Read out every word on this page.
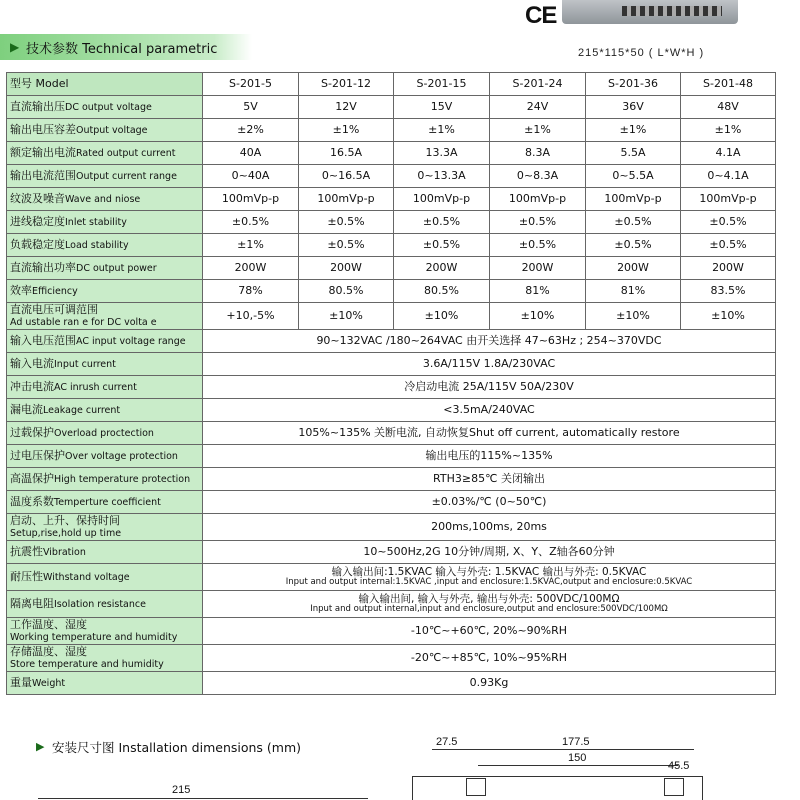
CE
▶ 技术参数 Technical parametric	215*115*50 ( L*W*H )
型号 Model	S-201-5	S-201-12	S-201-15	S-201-24	S-201-36	S-201-48
直流输出压DC output voltage	5V	12V	15V	24V	36V	48V
输出电压容差Output voltage	±2%	±1%	±1%	±1%	±1%	±1%
额定输出电流Rated output current	40A	16.5A	13.3A	8.3A	5.5A	4.1A
输出电流范围Output current range	0~40A	0~16.5A	0~13.3A	0~8.3A	0~5.5A	0~4.1A
纹波及噪音Wave and niose	100mVp-p	100mVp-p	100mVp-p	100mVp-p	100mVp-p	100mVp-p
进线稳定度Inlet stability	±0.5%	±0.5%	±0.5%	±0.5%	±0.5%	±0.5%
负载稳定度Load stability	±1%	±0.5%	±0.5%	±0.5%	±0.5%	±0.5%
直流输出功率DC output power	200W	200W	200W	200W	200W	200W
效率Efficiency	78%	80.5%	80.5%	81%	81%	83.5%
直流电压可调范围
Ad ustable ran e for DC volta e	+10,-5%	±10%	±10%	±10%	±10%	±10%
输入电压范围AC input voltage range	90~132VAC /180~264VAC 由开关选择 47~63Hz ; 254~370VDC					
输入电流Input current	3.6A/115V 1.8A/230VAC					
冲击电流AC inrush current	冷启动电流 25A/115V 50A/230V					
漏电流Leakage current	<3.5mA/240VAC					
过载保护Overload proctection	105%~135% 关断电流, 自动恢复Shut off current, automatically restore					
过电压保护Over voltage protection	输出电压的115%~135%					
高温保护High temperature protection	RTH3≥85℃ 关闭输出					
温度系数Temperture coefficient	±0.03%/℃ (0~50℃)					
启动、上升、保持时间
Setup,rise,hold up time	200ms,100ms, 20ms					
抗震性Vibration	10~500Hz,2G 10分钟/周期, X、Y、Z轴各60分钟					
耐压性Withstand voltage	输入输出间:1.5KVAC 输入与外壳: 1.5KVAC 输出与外壳: 0.5KVAC
Input and output internal:1.5KVAC ,input and enclosure:1.5KVAC,output and enclosure:0.5KVAC					

隔离电阻Isolation resistance	输入输出间, 输入与外壳, 输出与外壳: 500VDC/100MΩ
Input and output internal,input and enclosure,output and enclosure:500VDC/100MΩ					

工作温度、湿度
Working temperature and humidity	-10℃~+60℃, 20%~90%RH					
存储温度、湿度
Store temperature and humidity	-20℃~+85℃, 10%~95%RH					
重量Weight	0.93Kg					
▶ 安装尺寸图 Installation dimensions (mm)
215
27.5	177.5
150
45.5
